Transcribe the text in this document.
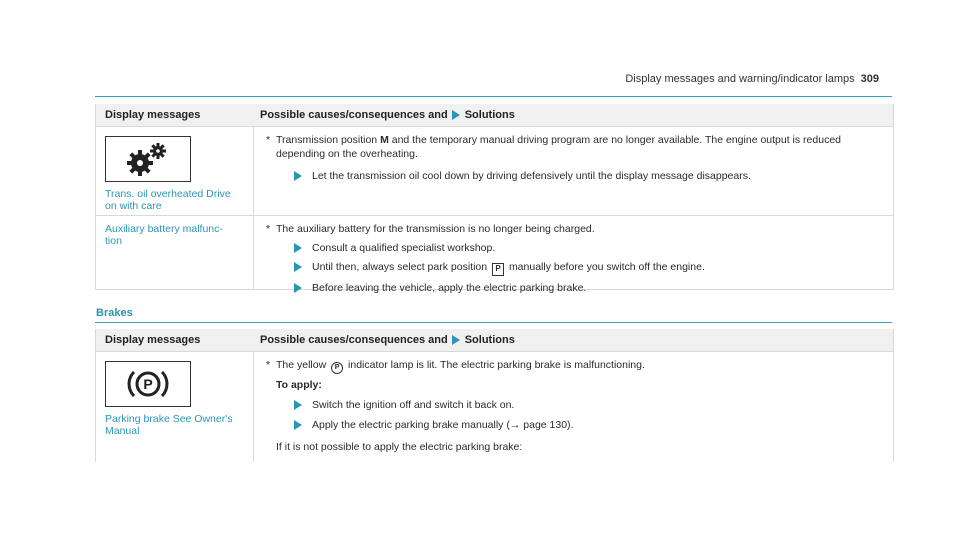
Display messages and warning/indicator lamps 309
Display messages	Possible causes/consequences and Solutions
Trans. oil overheated Drive on with care
* Transmission position M and the temporary manual driving program are no longer available. The engine output is reduced depending on the overheating.
Let the transmission oil cool down by driving defensively until the display message disappears.
Auxiliary battery malfunc-tion
* The auxiliary battery for the transmission is no longer being charged.
Consult a qualified specialist workshop.
Until then, always select park position P manually before you switch off the engine.
Before leaving the vehicle, apply the electric parking brake.
Brakes
Display messages	Possible causes/consequences and Solutions
P
Parking brake See Owner's Manual
* The yellow P indicator lamp is lit. The electric parking brake is malfunctioning.
To apply:
Switch the ignition off and switch it back on.
Apply the electric parking brake manually (→ page 130).
If it is not possible to apply the electric parking brake:
